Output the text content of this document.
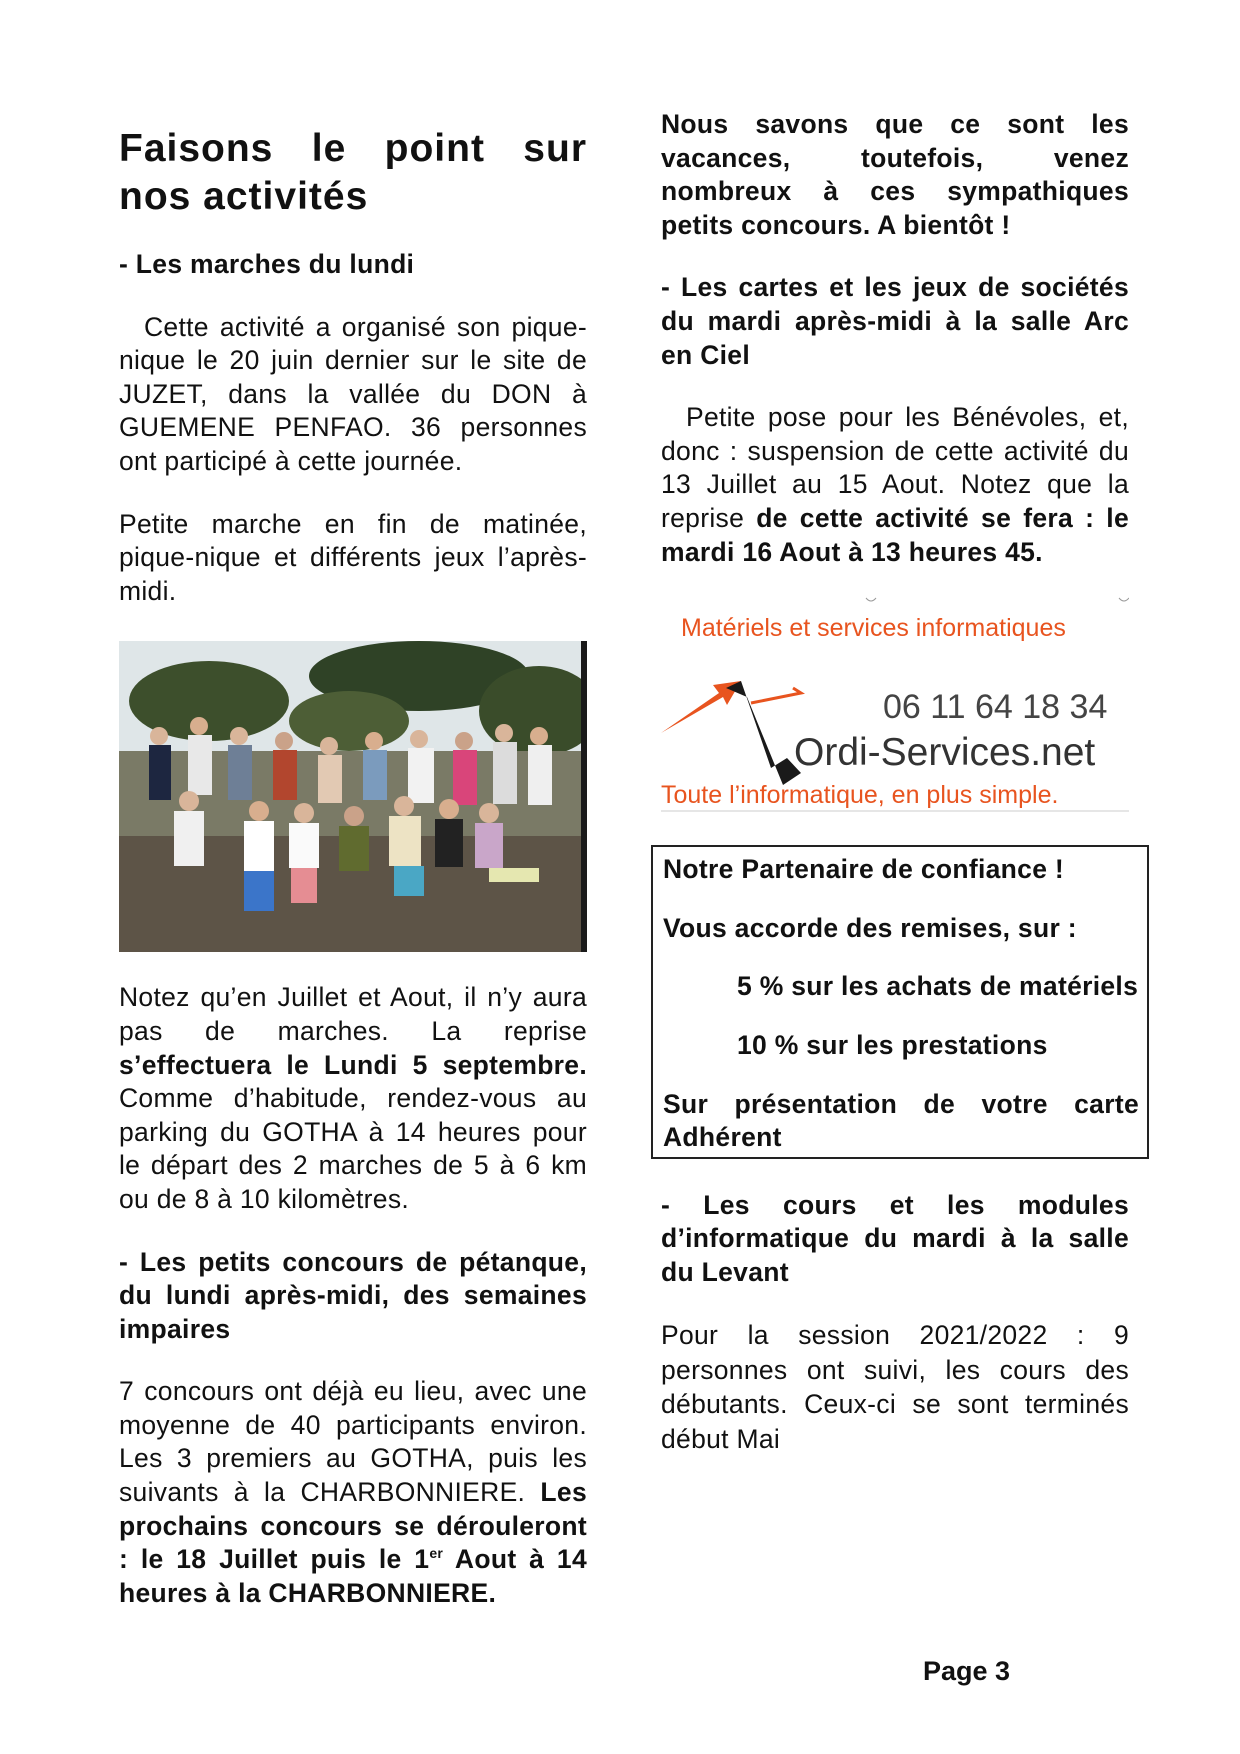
Faisons le point sur nos activités

- Les marches du lundi

Cette activité a organisé son pique-nique le 20 juin dernier sur le site de JUZET, dans la vallée du DON à GUEMENE PENFAO. 36 personnes ont participé à cette journée.

Petite marche en fin de matinée, pique-nique et différents jeux l’après-midi.

Notez qu’en Juillet et Aout, il n’y aura pas de marches. La reprise s’effectuera le Lundi 5 septembre. Comme d’habitude, rendez-vous au parking du GOTHA à 14 heures pour le départ des 2 marches de 5 à 6 km ou de 8 à 10 kilomètres.

- Les petits concours de pétanque, du lundi après-midi, des semaines impaires

7 concours ont déjà eu lieu, avec une moyenne de 40 participants environ. Les 3 premiers au GOTHA, puis les suivants à la CHARBONNIERE. Les prochains concours se dérouleront : le 18 Juillet puis le 1er Aout à 14 heures à la CHARBONNIERE.

Nous savons que ce sont les vacances, toutefois, venez nombreux à ces sympathiques petits concours. A bientôt !

- Les cartes et les jeux de sociétés du mardi après-midi à la salle Arc en Ciel

Petite pose pour les Bénévoles, et, donc : suspension de cette activité du 13 Juillet au 15 Aout. Notez que la reprise de cette activité se fera : le mardi 16 Aout à 13 heures 45.

Matériels et services informatiques
06 11 64 18 34
Ordi-Services.net
Toute l’informatique, en plus simple.

Notre Partenaire de confiance !

Vous accorde des remises, sur :

5 % sur les achats de matériels

10 % sur les prestations

Sur présentation de votre carte Adhérent

- Les cours et les modules d’informatique du mardi à la salle du Levant

Pour la session 2021/2022 : 9 personnes ont suivi, les cours des débutants. Ceux-ci se sont terminés début Mai

Page 3
